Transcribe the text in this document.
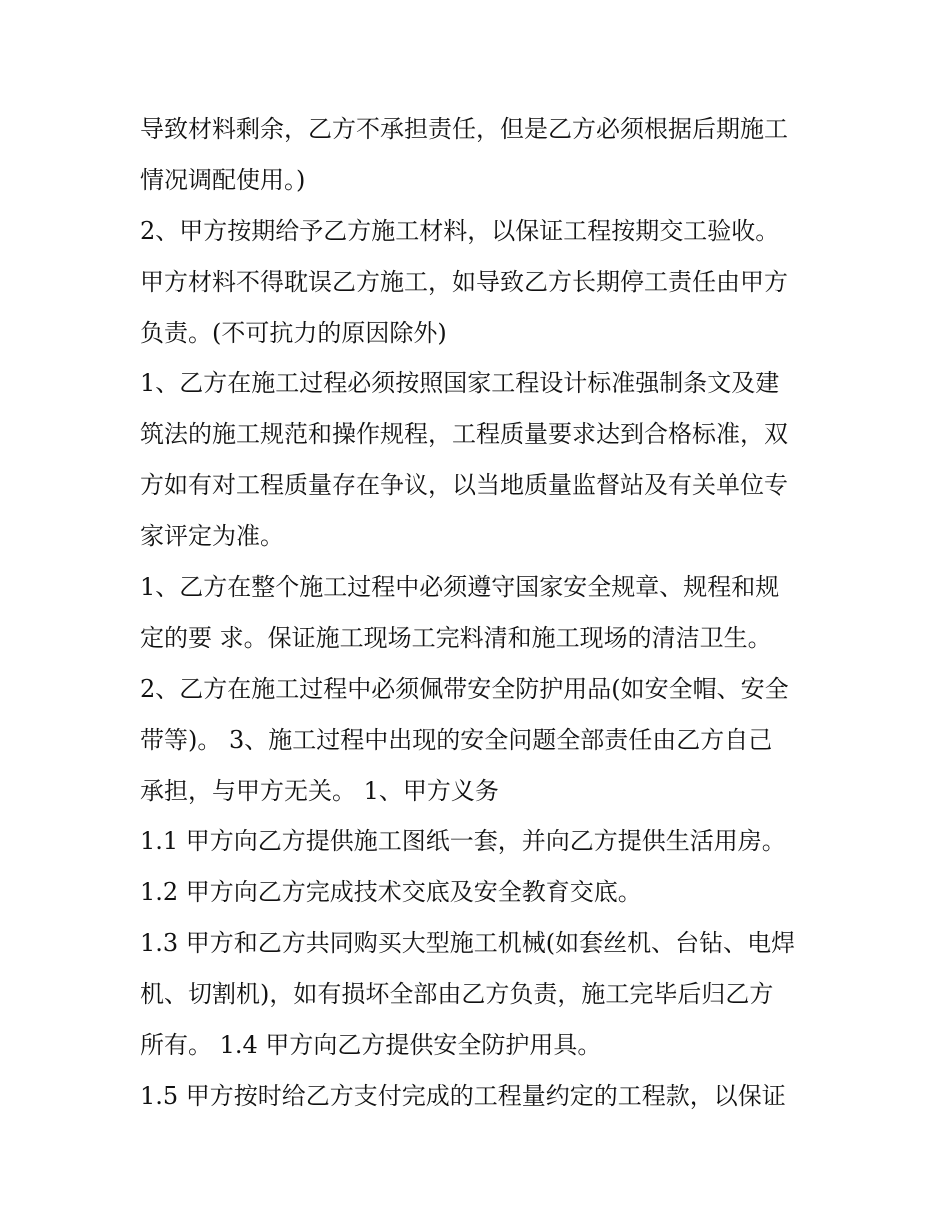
导致材料剩余，乙方不承担责任，但是乙方必须根据后期施工
情况调配使用。)
2、甲方按期给予乙方施工材料，以保证工程按期交工验收。
甲方材料不得耽误乙方施工，如导致乙方长期停工责任由甲方
负责。(不可抗力的原因除外)
1、乙方在施工过程必须按照国家工程设计标准强制条文及建
筑法的施工规范和操作规程，工程质量要求达到合格标准，双
方如有对工程质量存在争议，以当地质量监督站及有关单位专
家评定为准。
1、乙方在整个施工过程中必须遵守国家安全规章、规程和规
定的要 求。保证施工现场工完料清和施工现场的清洁卫生。
2、乙方在施工过程中必须佩带安全防护用品(如安全帽、安全
带等)。 3、施工过程中出现的安全问题全部责任由乙方自己
承担，与甲方无关。 1、甲方义务
1.1 甲方向乙方提供施工图纸一套，并向乙方提供生活用房。
1.2 甲方向乙方完成技术交底及安全教育交底。
1.3 甲方和乙方共同购买大型施工机械(如套丝机、台钻、电焊
机、切割机)，如有损坏全部由乙方负责，施工完毕后归乙方
所有。 1.4 甲方向乙方提供安全防护用具。
1.5 甲方按时给乙方支付完成的工程量约定的工程款，以保证
